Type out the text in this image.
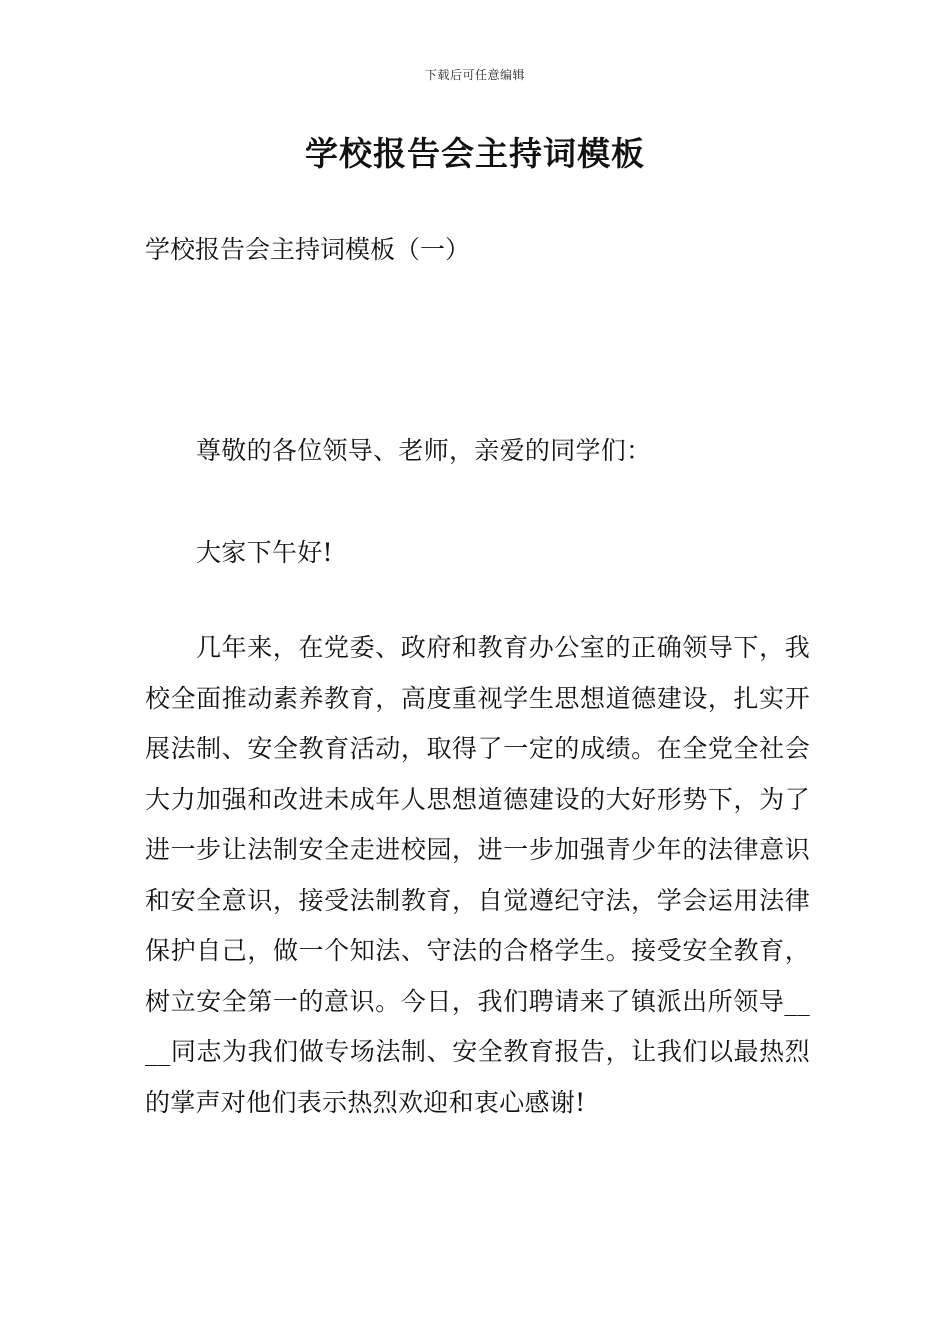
下载后可任意编辑
学校报告会主持词模板

学校报告会主持词模板（一）

尊敬的各位领导、老师，亲爱的同学们：

大家下午好!

几年来，在党委、政府和教育办公室的正确领导下，我校全面推动素养教育，高度重视学生思想道德建设，扎实开展法制、安全教育活动，取得了一定的成绩。在全党全社会大力加强和改进未成年人思想道德建设的大好形势下，为了进一步让法制安全走进校园，进一步加强青少年的法律意识和安全意识，接受法制教育，自觉遵纪守法，学会运用法律保护自己，做一个知法、守法的合格学生。接受安全教育，树立安全第一的意识。今日，我们聘请来了镇派出所领导____同志为我们做专场法制、安全教育报告，让我们以最热烈的掌声对他们表示热烈欢迎和衷心感谢!
